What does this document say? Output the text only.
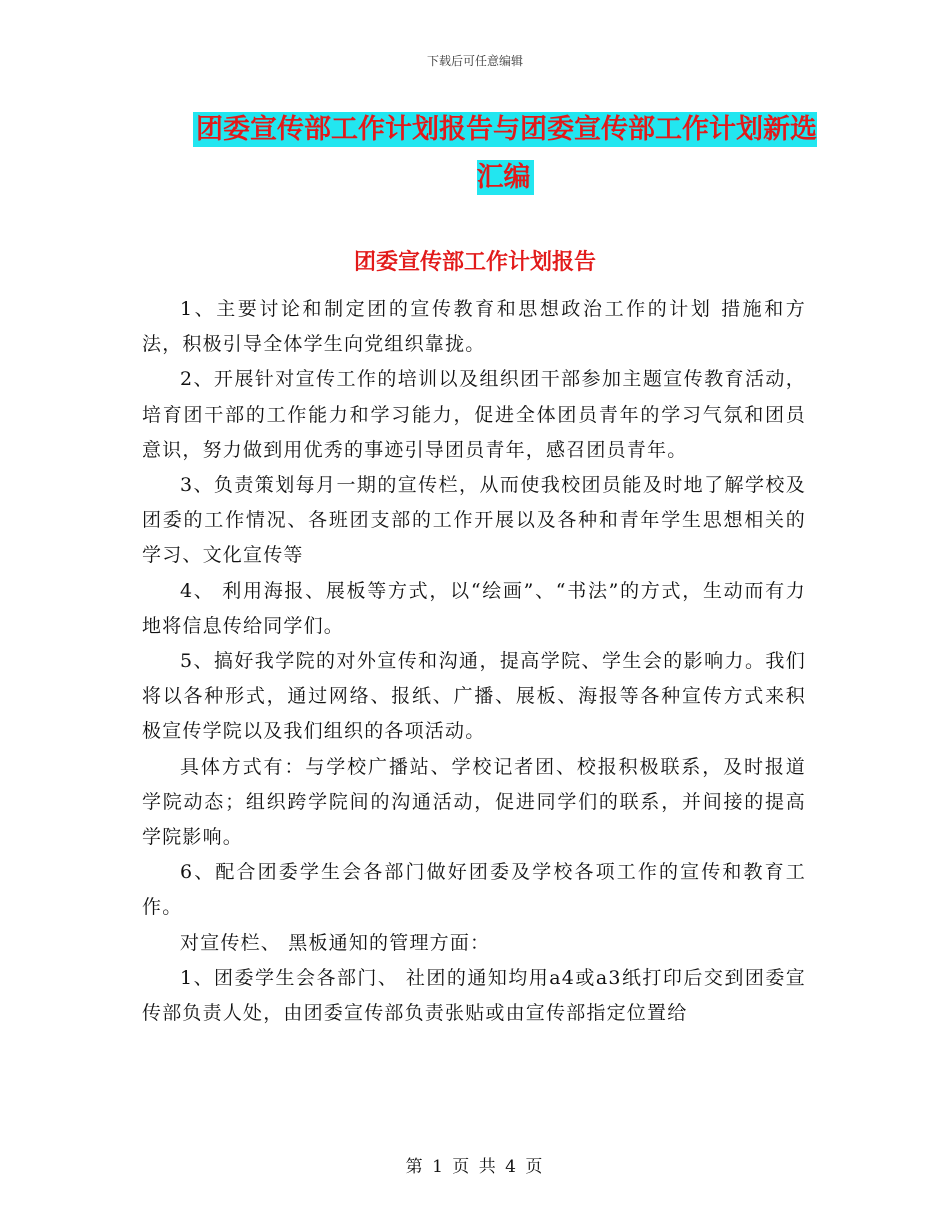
下载后可任意编辑
团委宣传部工作计划报告与团委宣传部工作计划新选汇编
团委宣传部工作计划报告

1、主要讨论和制定团的宣传教育和思想政治工作的计划 措施和方法，积极引导全体学生向党组织靠拢。

2、开展针对宣传工作的培训以及组织团干部参加主题宣传教育活动，培育团干部的工作能力和学习能力，促进全体团员青年的学习气氛和团员意识，努力做到用优秀的事迹引导团员青年，感召团员青年。

3、负责策划每月一期的宣传栏，从而使我校团员能及时地了解学校及团委的工作情况、各班团支部的工作开展以及各种和青年学生思想相关的学习、文化宣传等

4、 利用海报、展板等方式，以“绘画”、“书法”的方式，生动而有力地将信息传给同学们。

5、搞好我学院的对外宣传和沟通，提高学院、学生会的影响力。我们将以各种形式，通过网络、报纸、广播、展板、海报等各种宣传方式来积极宣传学院以及我们组织的各项活动。

具体方式有：与学校广播站、学校记者团、校报积极联系，及时报道学院动态；组织跨学院间的沟通活动，促进同学们的联系，并间接的提高学院影响。

6、配合团委学生会各部门做好团委及学校各项工作的宣传和教育工作。

对宣传栏、 黑板通知的管理方面：

1、团委学生会各部门、 社团的通知均用a4或a3纸打印后交到团委宣传部负责人处，由团委宣传部负责张贴或由宣传部指定位置给

第 1 页 共 4 页
